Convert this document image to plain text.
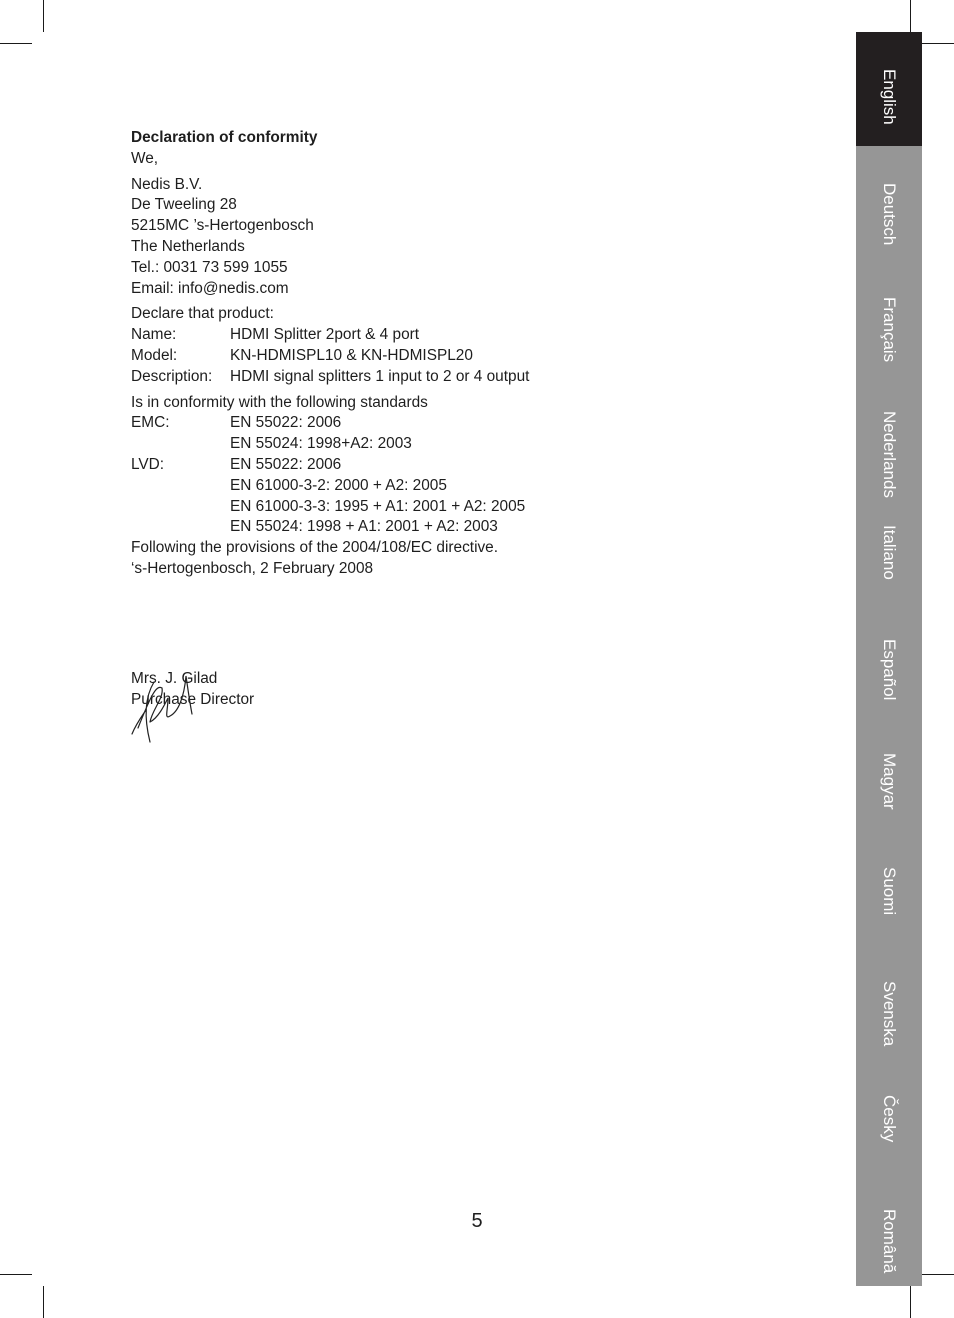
Declaration of conformity

We,

Nedis B.V.

De Tweeling 28

5215MC ’s-Hertogenbosch

The Netherlands

Tel.: 0031 73 599 1055

Email: info@nedis.com

Declare that product:

Name:	HDMI Splitter 2port & 4 port
Model:	KN-HDMISPL10 & KN-HDMISPL20
Description:	HDMI signal splitters 1 input to 2 or 4 output

Is in conformity with the following standards

EMC:	EN 55022: 2006
EN 55024: 1998+A2: 2003
LVD:	EN 55022: 2006
EN 61000-3-2: 2000 + A2: 2005
EN 61000-3-3: 1995 + A1: 2001 + A2: 2005
EN 55024: 1998 + A1: 2001 + A2: 2003

Following the provisions of the 2004/108/EC directive.

‘s-Hertogenbosch, 2 February 2008

Mrs. J. Gilad

Purchase Director

5
English
Deutsch
Français
Nederlands
Italiano
Español
Magyar
Suomi
Svenska
Česky
Română
